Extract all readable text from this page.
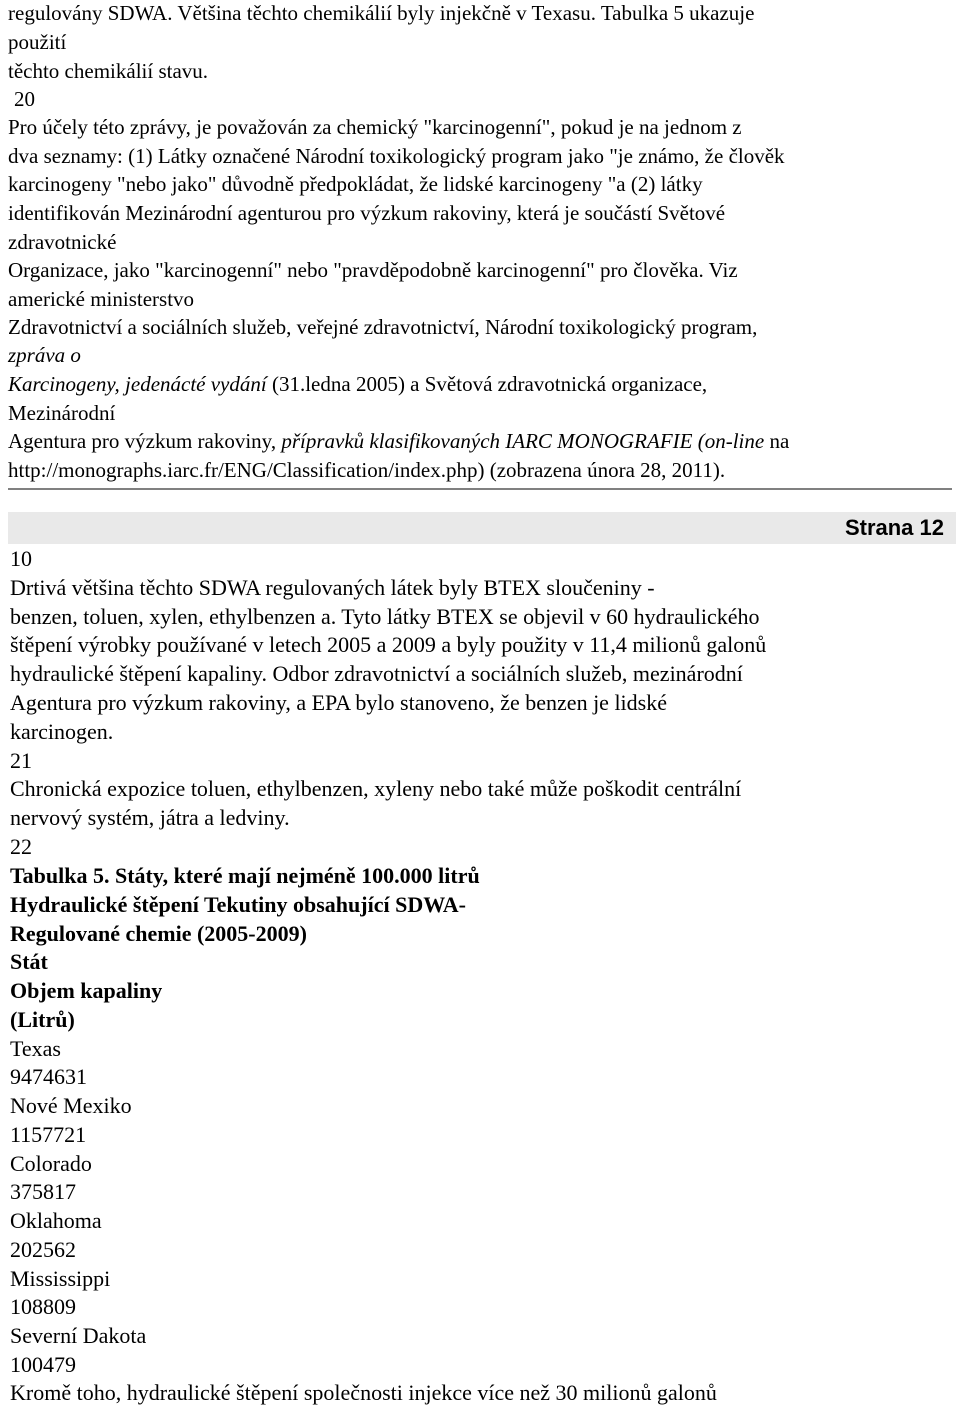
regulovány SDWA. Většina těchto chemikálií byly injekčně v Texasu. Tabulka 5 ukazuje
použití
těchto chemikálií stavu.
20
Pro účely této zprávy, je považován za chemický "karcinogenní", pokud je na jednom z
dva seznamy: (1) Látky označené Národní toxikologický program jako "je známo, že člověk
karcinogeny "nebo jako" důvodně předpokládat, že lidské karcinogeny "a (2) látky
identifikován Mezinárodní agenturou pro výzkum rakoviny, která je součástí Světové
zdravotnické
Organizace, jako "karcinogenní" nebo "pravděpodobně karcinogenní" pro člověka. Viz
americké ministerstvo
Zdravotnictví a sociálních služeb, veřejné zdravotnictví, Národní toxikologický program,
zpráva o
Karcinogeny, jedenácté vydání (31.ledna 2005) a Světová zdravotnická organizace,
Mezinárodní
Agentura pro výzkum rakoviny, přípravků klasifikovaných IARC MONOGRAFIE (on-line na
http://monographs.iarc.fr/ENG/Classification/index.php) (zobrazena února 28, 2011).
Strana 12
10
Drtivá většina těchto SDWA regulovaných látek byly BTEX sloučeniny -
benzen, toluen, xylen, ethylbenzen a. Tyto látky BTEX se objevil v 60 hydraulického
štěpení výrobky používané v letech 2005 a 2009 a byly použity v 11,4 milionů galonů
hydraulické štěpení kapaliny. Odbor zdravotnictví a sociálních služeb, mezinárodní
Agentura pro výzkum rakoviny, a EPA bylo stanoveno, že benzen je lidské
karcinogen.
21
Chronická expozice toluen, ethylbenzen, xyleny nebo také může poškodit centrální
nervový systém, játra a ledviny.
22
Tabulka 5. Státy, které mají nejméně 100.000 litrů
Hydraulické štěpení Tekutiny obsahující SDWA-
Regulované chemie (2005-2009)
Stát
Objem kapaliny
(Litrů)
Texas
9474631
Nové Mexiko
1157721
Colorado
375817
Oklahoma
202562
Mississippi
108809
Severní Dakota
100479
Kromě toho, hydraulické štěpení společnosti injekce více než 30 milionů galonů
